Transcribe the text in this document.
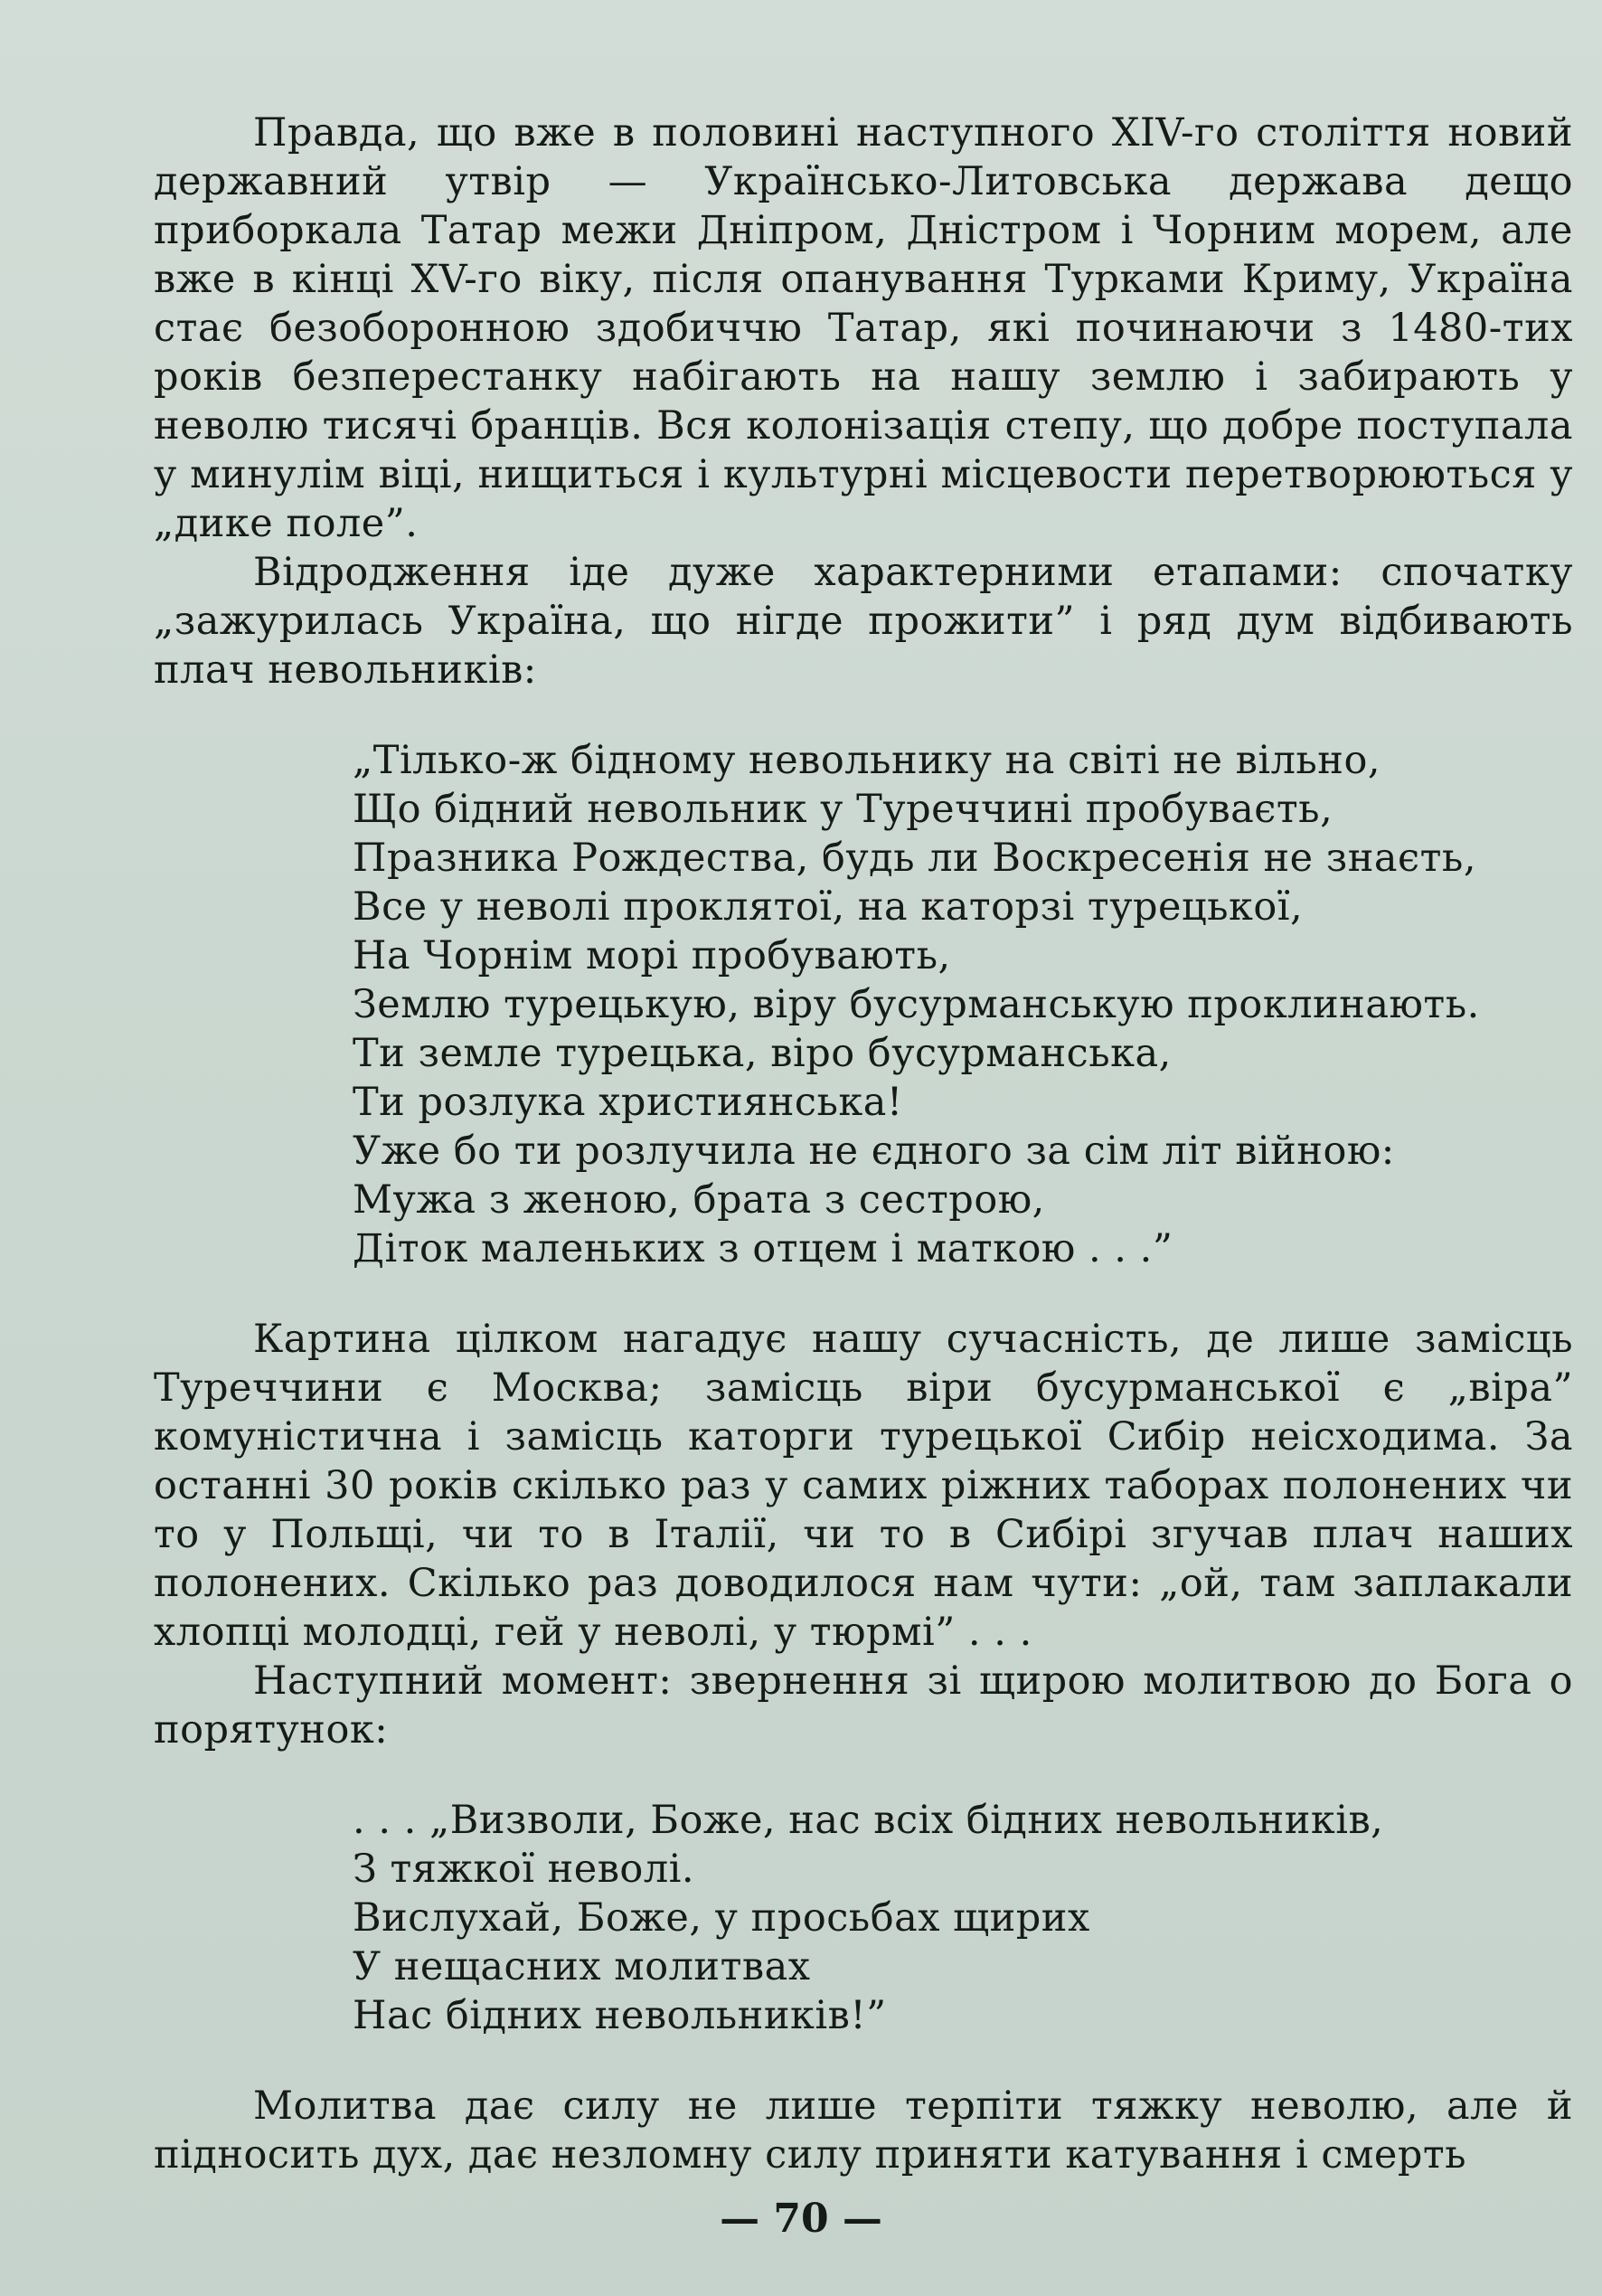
Правда, що вже в половині наступного XIV-го століття новий державний утвір — Українсько-Литовська держава дещо приборкала Татар межи Дніпром, Дністром і Чорним морем, але вже в кінці XV-го віку, після опанування Турками Криму, Україна стає безоборонною здобиччю Татар, які починаючи з 1480-тих років безперестанку набігають на нашу землю і забирають у неволю тисячі бранців. Вся колонізація степу, що добре поступала у минулім віці, нищиться і культурні місцевости перетворюються у „дике поле”.

Відродження іде дуже характерними етапами: спочатку „зажурилась Україна, що нігде прожити” і ряд дум відбивають плач невольників:

„Тілько-ж бідному невольнику на світі не вільно,
Що бідний невольник у Туреччині пробуваєть,
Празника Рождества, будь ли Воскресенія не знаєть,
Все у неволі проклятої, на каторзі турецької,
На Чорнім морі пробувають,
Землю турецькую, віру бусурманськую проклинають.
Ти земле турецька, віро бусурманська,
Ти розлука християнська!
Уже бо ти розлучила не єдного за сім літ війною:
Мужа з женою, брата з сестрою,
Діток маленьких з отцем і маткою . . .”

Картина цілком нагадує нашу сучасність, де лише замісць Туреччини є Москва; замісць віри бусурманської є „віра” комуністична і замісць каторги турецької Сибір неісходима. За останні 30 років скілько раз у самих ріжних таборах полонених чи то у Польщі, чи то в Італії, чи то в Сибірі згучав плач наших полонених. Скілько раз доводилося нам чути: „ой, там заплакали хлопці молодці, гей у неволі, у тюрмі” . . .

Наступний момент: звернення зі щирою молитвою до Бога о порятунок:

. . . „Визволи, Боже, нас всіх бідних невольників,
З тяжкої неволі.
Вислухай, Боже, у просьбах щирих
У нещасних молитвах
Нас бідних невольників!”

Молитва дає силу не лише терпіти тяжку неволю, але й підносить дух, дає незломну силу приняти катування і смерть

— 70 —
